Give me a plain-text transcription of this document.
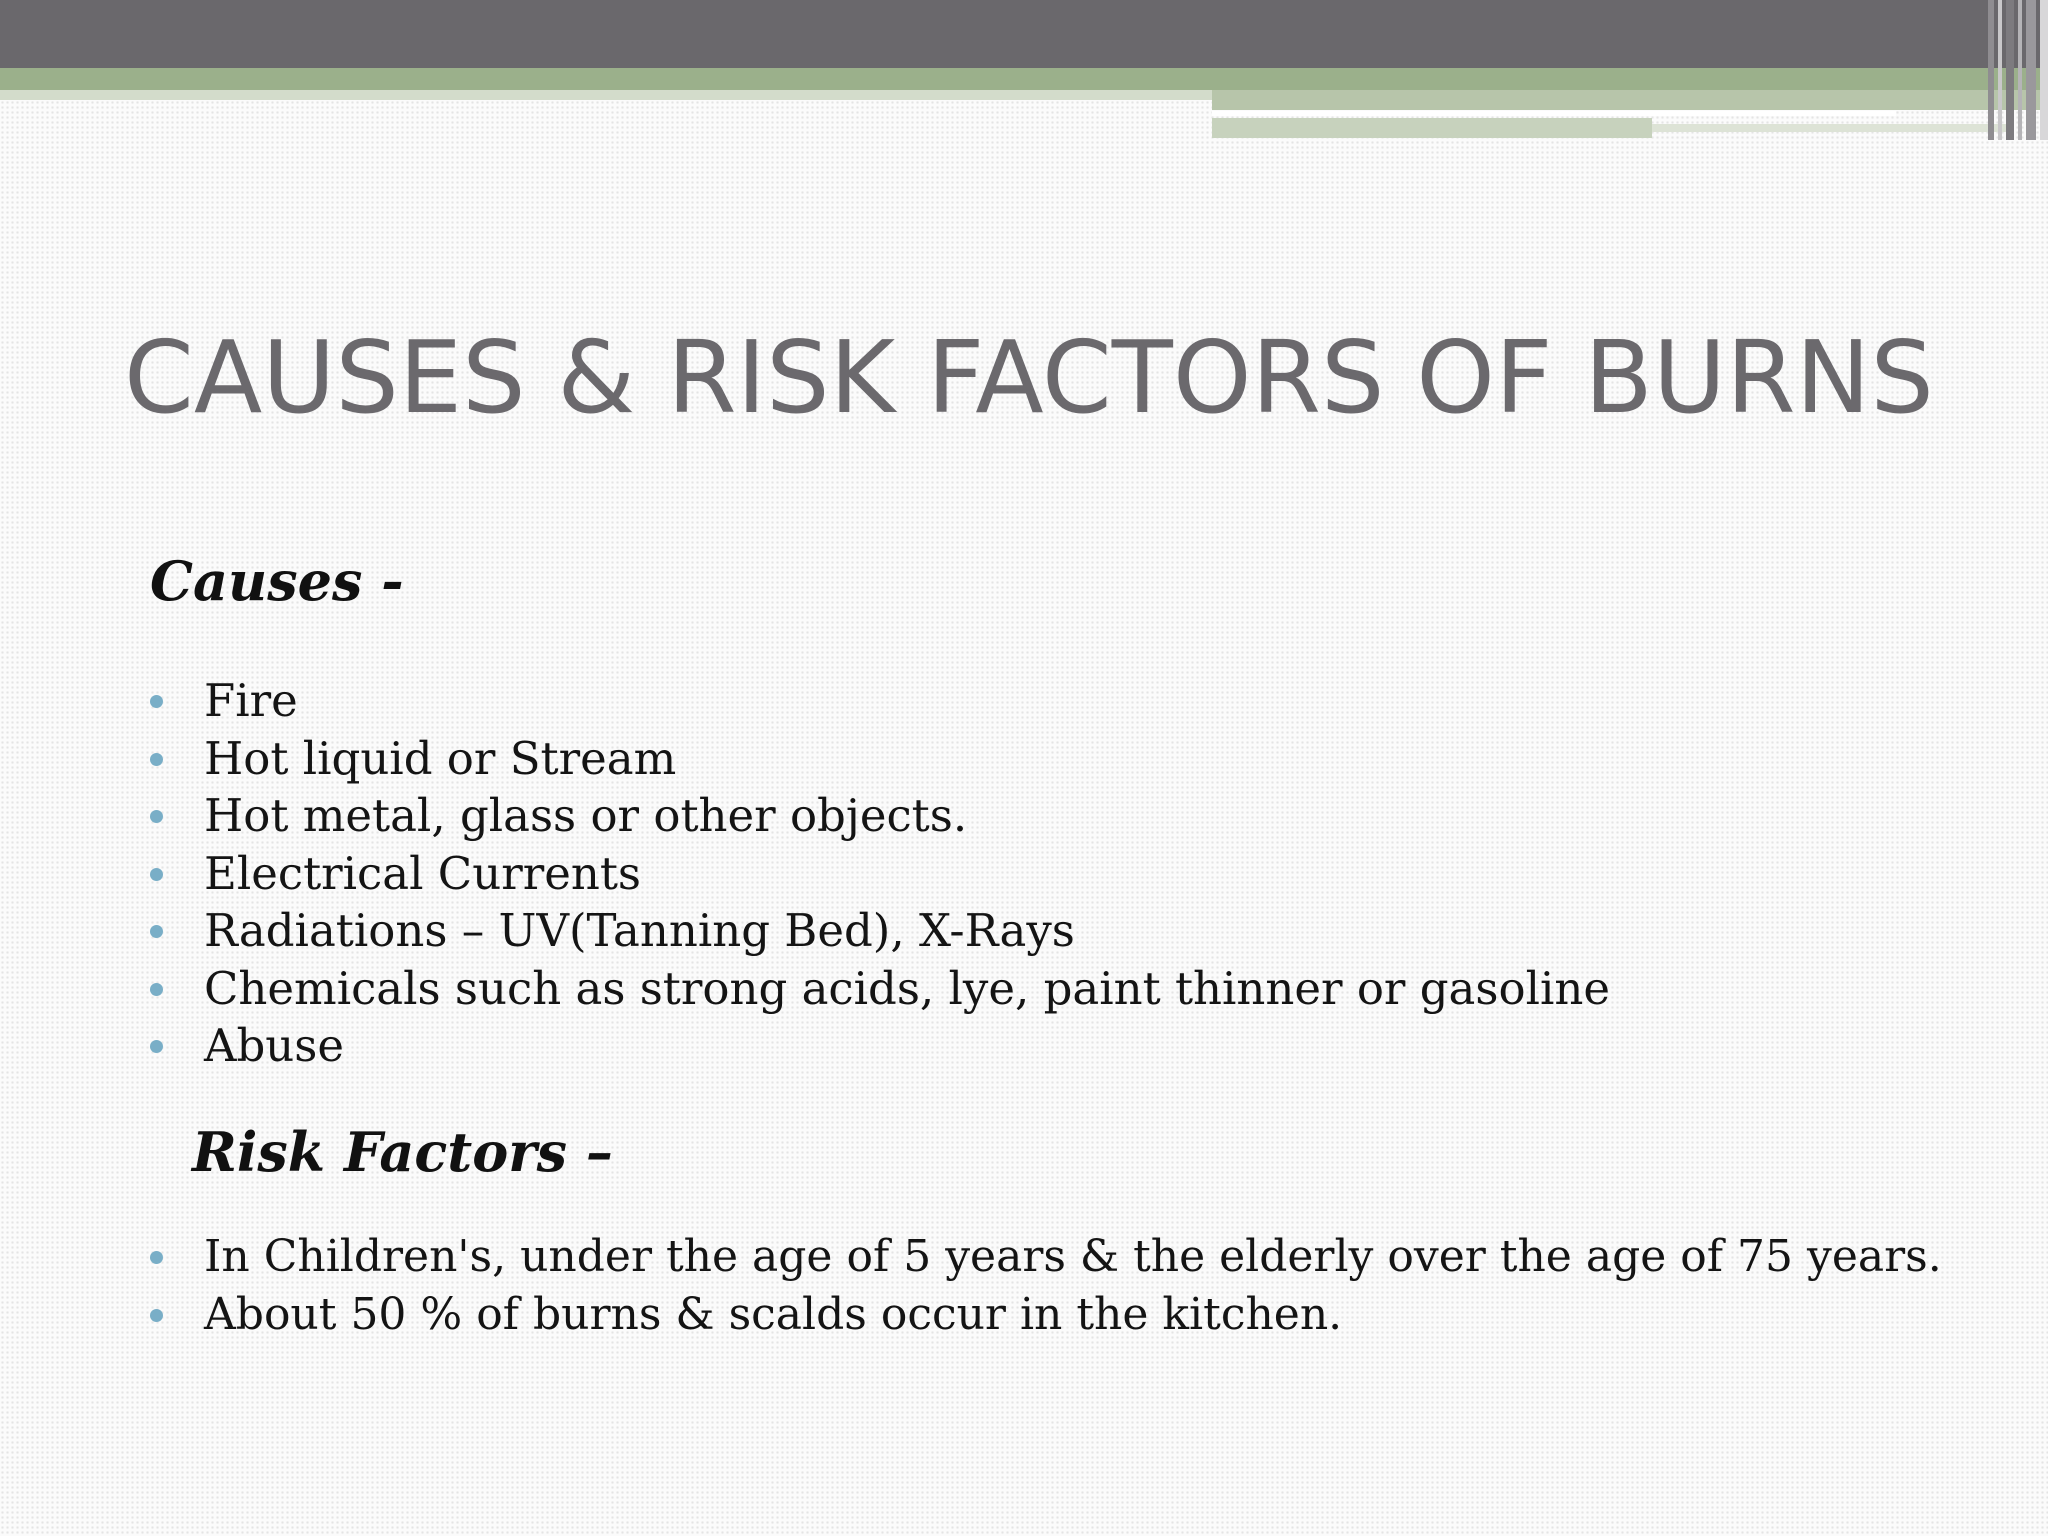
CAUSES & RISK FACTORS OF BURNS
Causes -
Fire
Hot liquid or Stream
Hot metal, glass or other objects.
Electrical Currents
Radiations – UV(Tanning Bed), X-Rays
Chemicals such as strong acids, lye, paint thinner or gasoline
Abuse
Risk Factors –
In Children's, under the age of 5 years & the elderly over the age of 75 years.
About 50 % of burns & scalds occur in the kitchen.
